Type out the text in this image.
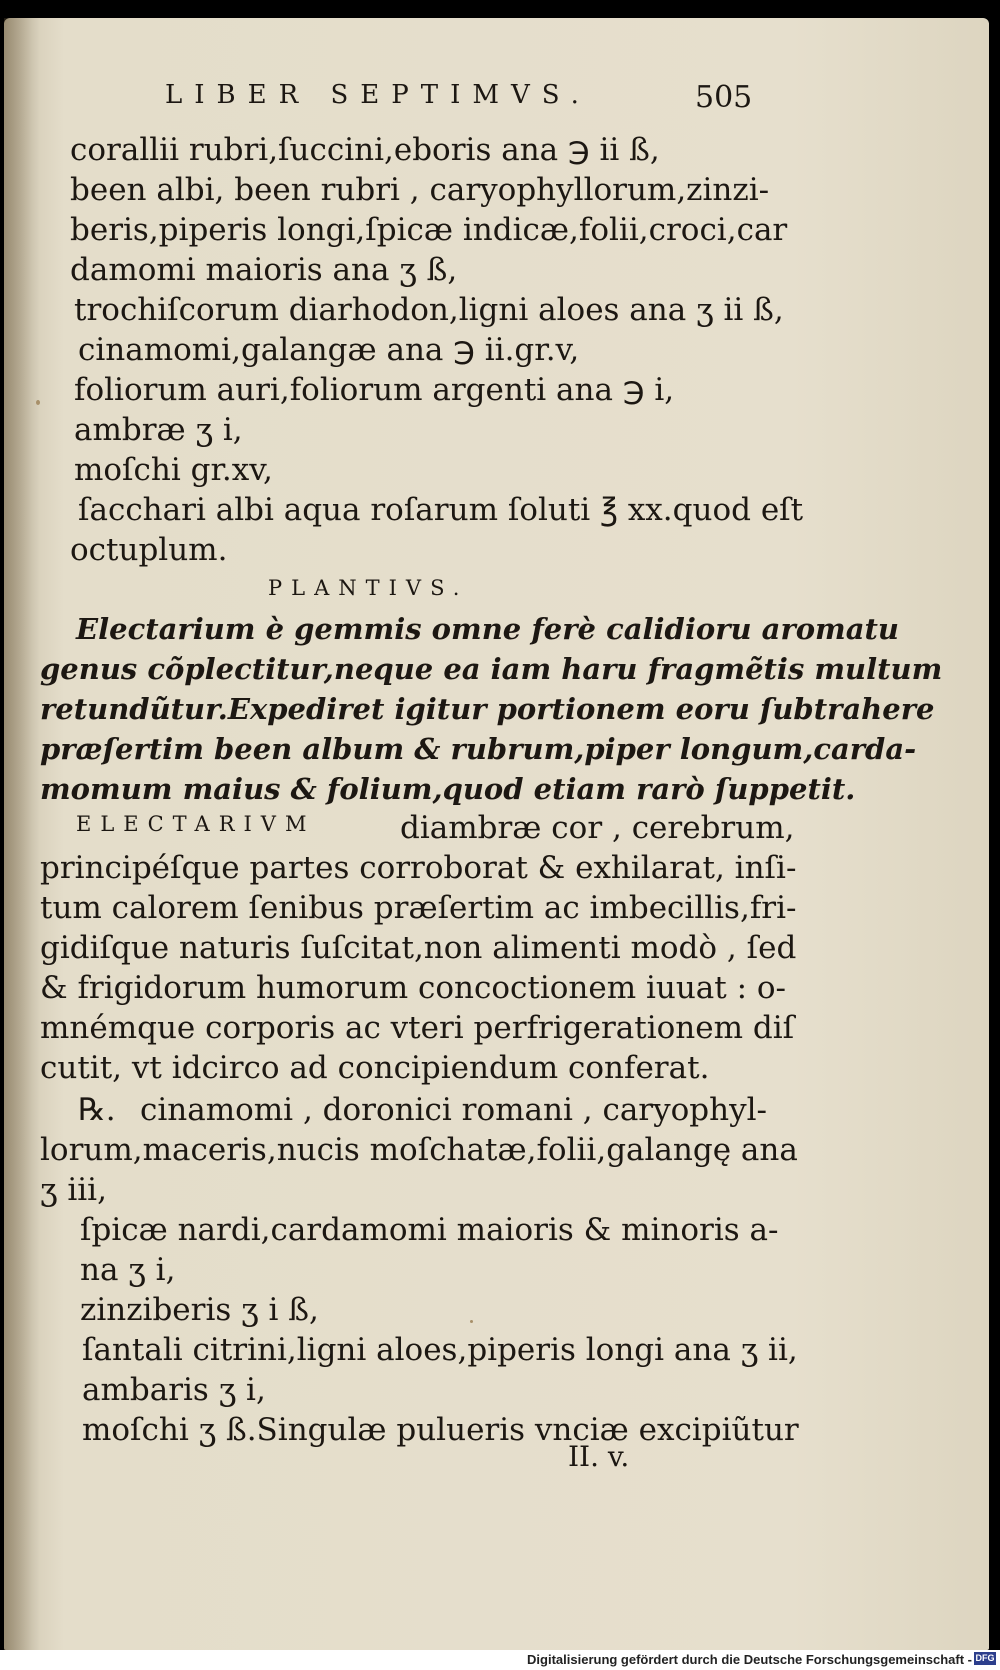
LIBER SEPTIMVS.	505
corallii rubri,ſuccini,eboris ana ℈ ii ß,
been albi, been rubri , caryophyllorum,zinzi-
beris,piperis longi,ſpicæ indicæ,folii,croci,car
damomi maioris ana ʒ ß,
trochiſcorum diarhodon,ligni aloes ana ʒ ii ß,
cinamomi,galangæ ana ℈ ii.gr.v,
foliorum auri,foliorum argenti ana ℈ i,
ambræ ʒ i,
moſchi gr.xv,
ſacchari albi aqua roſarum ſoluti ℥ xx.quod eſt
octuplum.
PLANTIVS.
Electarium è gemmis omne ferè calidioru aromatu
genus cõplectitur,neque ea iam haru fragmẽtis multum
retundũtur.Expediret igitur portionem eoru ſubtrahere
præſertim been album & rubrum,piper longum,carda-
momum maius & folium,quod etiam rarò ſuppetit.
ELECTARIVM	diambræ cor , cerebrum,
principéſque partes corroborat & exhilarat, inſi-
tum calorem ſenibus præſertim ac imbecillis,fri-
gidiſque naturis ſuſcitat,non alimenti modò , ſed
& frigidorum humorum concoctionem iuuat : o-
mnémque corporis ac vteri perfrigerationem diſ
cutit, vt idcirco ad concipiendum conferat.
℞. cinamomi , doronici romani , caryophyl-
lorum,maceris,nucis moſchatæ,folii,galangę ana
ʒ iii,
ſpicæ nardi,cardamomi maioris & minoris a-
na ʒ i,
zinziberis ʒ i ß,
ſantali citrini,ligni aloes,piperis longi ana ʒ ii,
ambaris ʒ i,
moſchi ʒ ß.Singulæ pulueris vnciæ excipiũtur
II. v.
Digitalisierung gefördert durch die Deutsche Forschungsgemeinschaft - DFG
